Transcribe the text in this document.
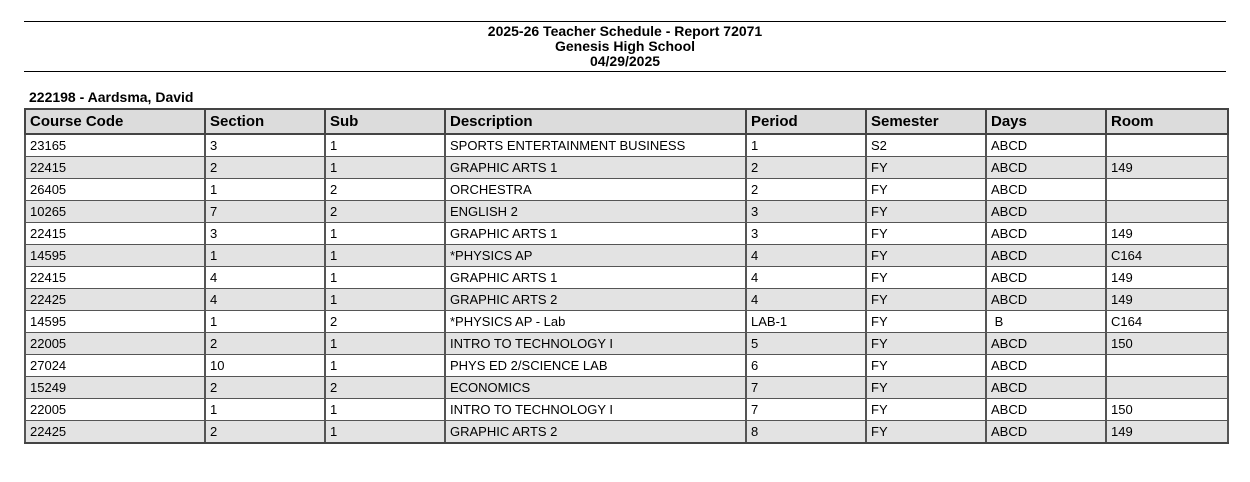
2025-26 Teacher Schedule - Report 72071
Genesis High School
04/29/2025
222198 - Aardsma, David
Course Code	Section	Sub	Description	Period	Semester	Days	Room
23165	3	1	SPORTS ENTERTAINMENT BUSINESS	1	S2	ABCD	
22415	2	1	GRAPHIC ARTS 1	2	FY	ABCD	149
26405	1	2	ORCHESTRA	2	FY	ABCD	
10265	7	2	ENGLISH 2	3	FY	ABCD	
22415	3	1	GRAPHIC ARTS 1	3	FY	ABCD	149
14595	1	1	*PHYSICS AP	4	FY	ABCD	C164
22415	4	1	GRAPHIC ARTS 1	4	FY	ABCD	149
22425	4	1	GRAPHIC ARTS 2	4	FY	ABCD	149
14595	1	2	*PHYSICS AP - Lab	LAB-1	FY	B	C164
22005	2	1	INTRO TO TECHNOLOGY I	5	FY	ABCD	150
27024	10	1	PHYS ED 2/SCIENCE LAB	6	FY	ABCD	
15249	2	2	ECONOMICS	7	FY	ABCD	
22005	1	1	INTRO TO TECHNOLOGY I	7	FY	ABCD	150
22425	2	1	GRAPHIC ARTS 2	8	FY	ABCD	149
